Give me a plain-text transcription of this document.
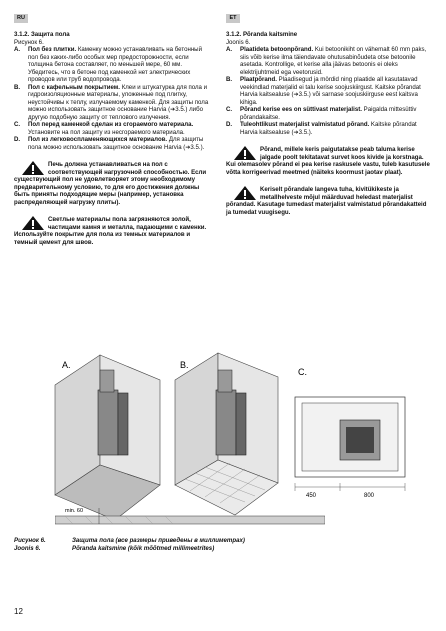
RU	ET
3.1.2. Защита пола
Рисунок 6.
A. Пол без плитки. Каменку можно устанавливать на бетонный пол без каких-либо особых мер предосторожности, если толщина бетона составляет, по меньшей мере, 60 мм. Убедитесь, что в бетоне под каменкой нет электрических проводов или труб водопровода.
B. Пол с кафельным покрытием. Клеи и штукатурка для пола и гидроизоляционные материалы, уложенные под плитку, неустойчивы к теплу, излучаемому каменкой. Для защиты пола можно использовать защитное основание Harvia (➔3.5.) либо другую подобную защиту от теплового излучения.
C. Пол перед каменкой сделан из сгораемого материала. Установите на пол защиту из несгораемого материала.
D. Пол из легковоспламеняющихся материалов. Для защиты пола можно использовать защитное основание Harvia (➔3.5.).
Печь должна устанавливаться на пол с соответствующей нагрузочной способностью. Если существующий пол не удовлетворяет этому необходимому предварительному условию, то для его достижения должны быть приняты подходящие меры (например, установка распределяющей нагрузку плиты).
Светлые материалы пола загрязняются золой, частицами камня и металла, падающими с каменки. Используйте покрытие для пола из темных материалов и темный цемент для швов.
3.1.2. Põranda kaitsmine
Joonis 6.
A. Plaatideta betoonpõrand. Kui betoonikiht on vähemalt 60 mm paks, siis võib kerise ilma täiendavate ohutusabinõudeta otse betoonile asetada. Kontrollige, et kerise alla jäävas betoonis ei oleks elektrijuhtmeid ega veetorusid.
B. Plaatpõrand. Plaadisegud ja mördid ning plaatide all kasutatavad veekindlad materjalid ei talu kerise soojuskiirgust. Kaitske põrandat Harvia kaitsealuse (➔3.5.) või sarnase soojuskiirguse eest kaitsva kihiga.
C. Põrand kerise ees on süttivast materjalist. Paigaldа mittesüttiv põrandakaitse.
D. Tuleohtlikust materjalist valmistatud põrand. Kaitske põrandat Harvia kaitsealuse (➔3.5.).
Põrand, millele keris paigutatakse peab taluma kerise jalgade poolt tekitatavat survet koos kivide ja korstnaga. Kui olemasolev põrand ei pea kerise raskusele vastu, tuleb kasutusele võtta korrigeerivad meetmed (näiteks koormust jaotav plaat).
Keriselt põrandale langeva tuha, kivitükikeste ja metallhelveste mõjul määrduvad heledast materjalist põrandad. Kasutage tumedast materjalist valmistatud põrandakatteid ja tumedat vuugisegu.
A.	B.
450	800
C.
min. 60
Рисунок 6.	Защита пола (все размеры приведены в миллиметрах)
Joonis 6.	Põranda kaitsmine (kõik mõõtmed millimeetrites)
12
